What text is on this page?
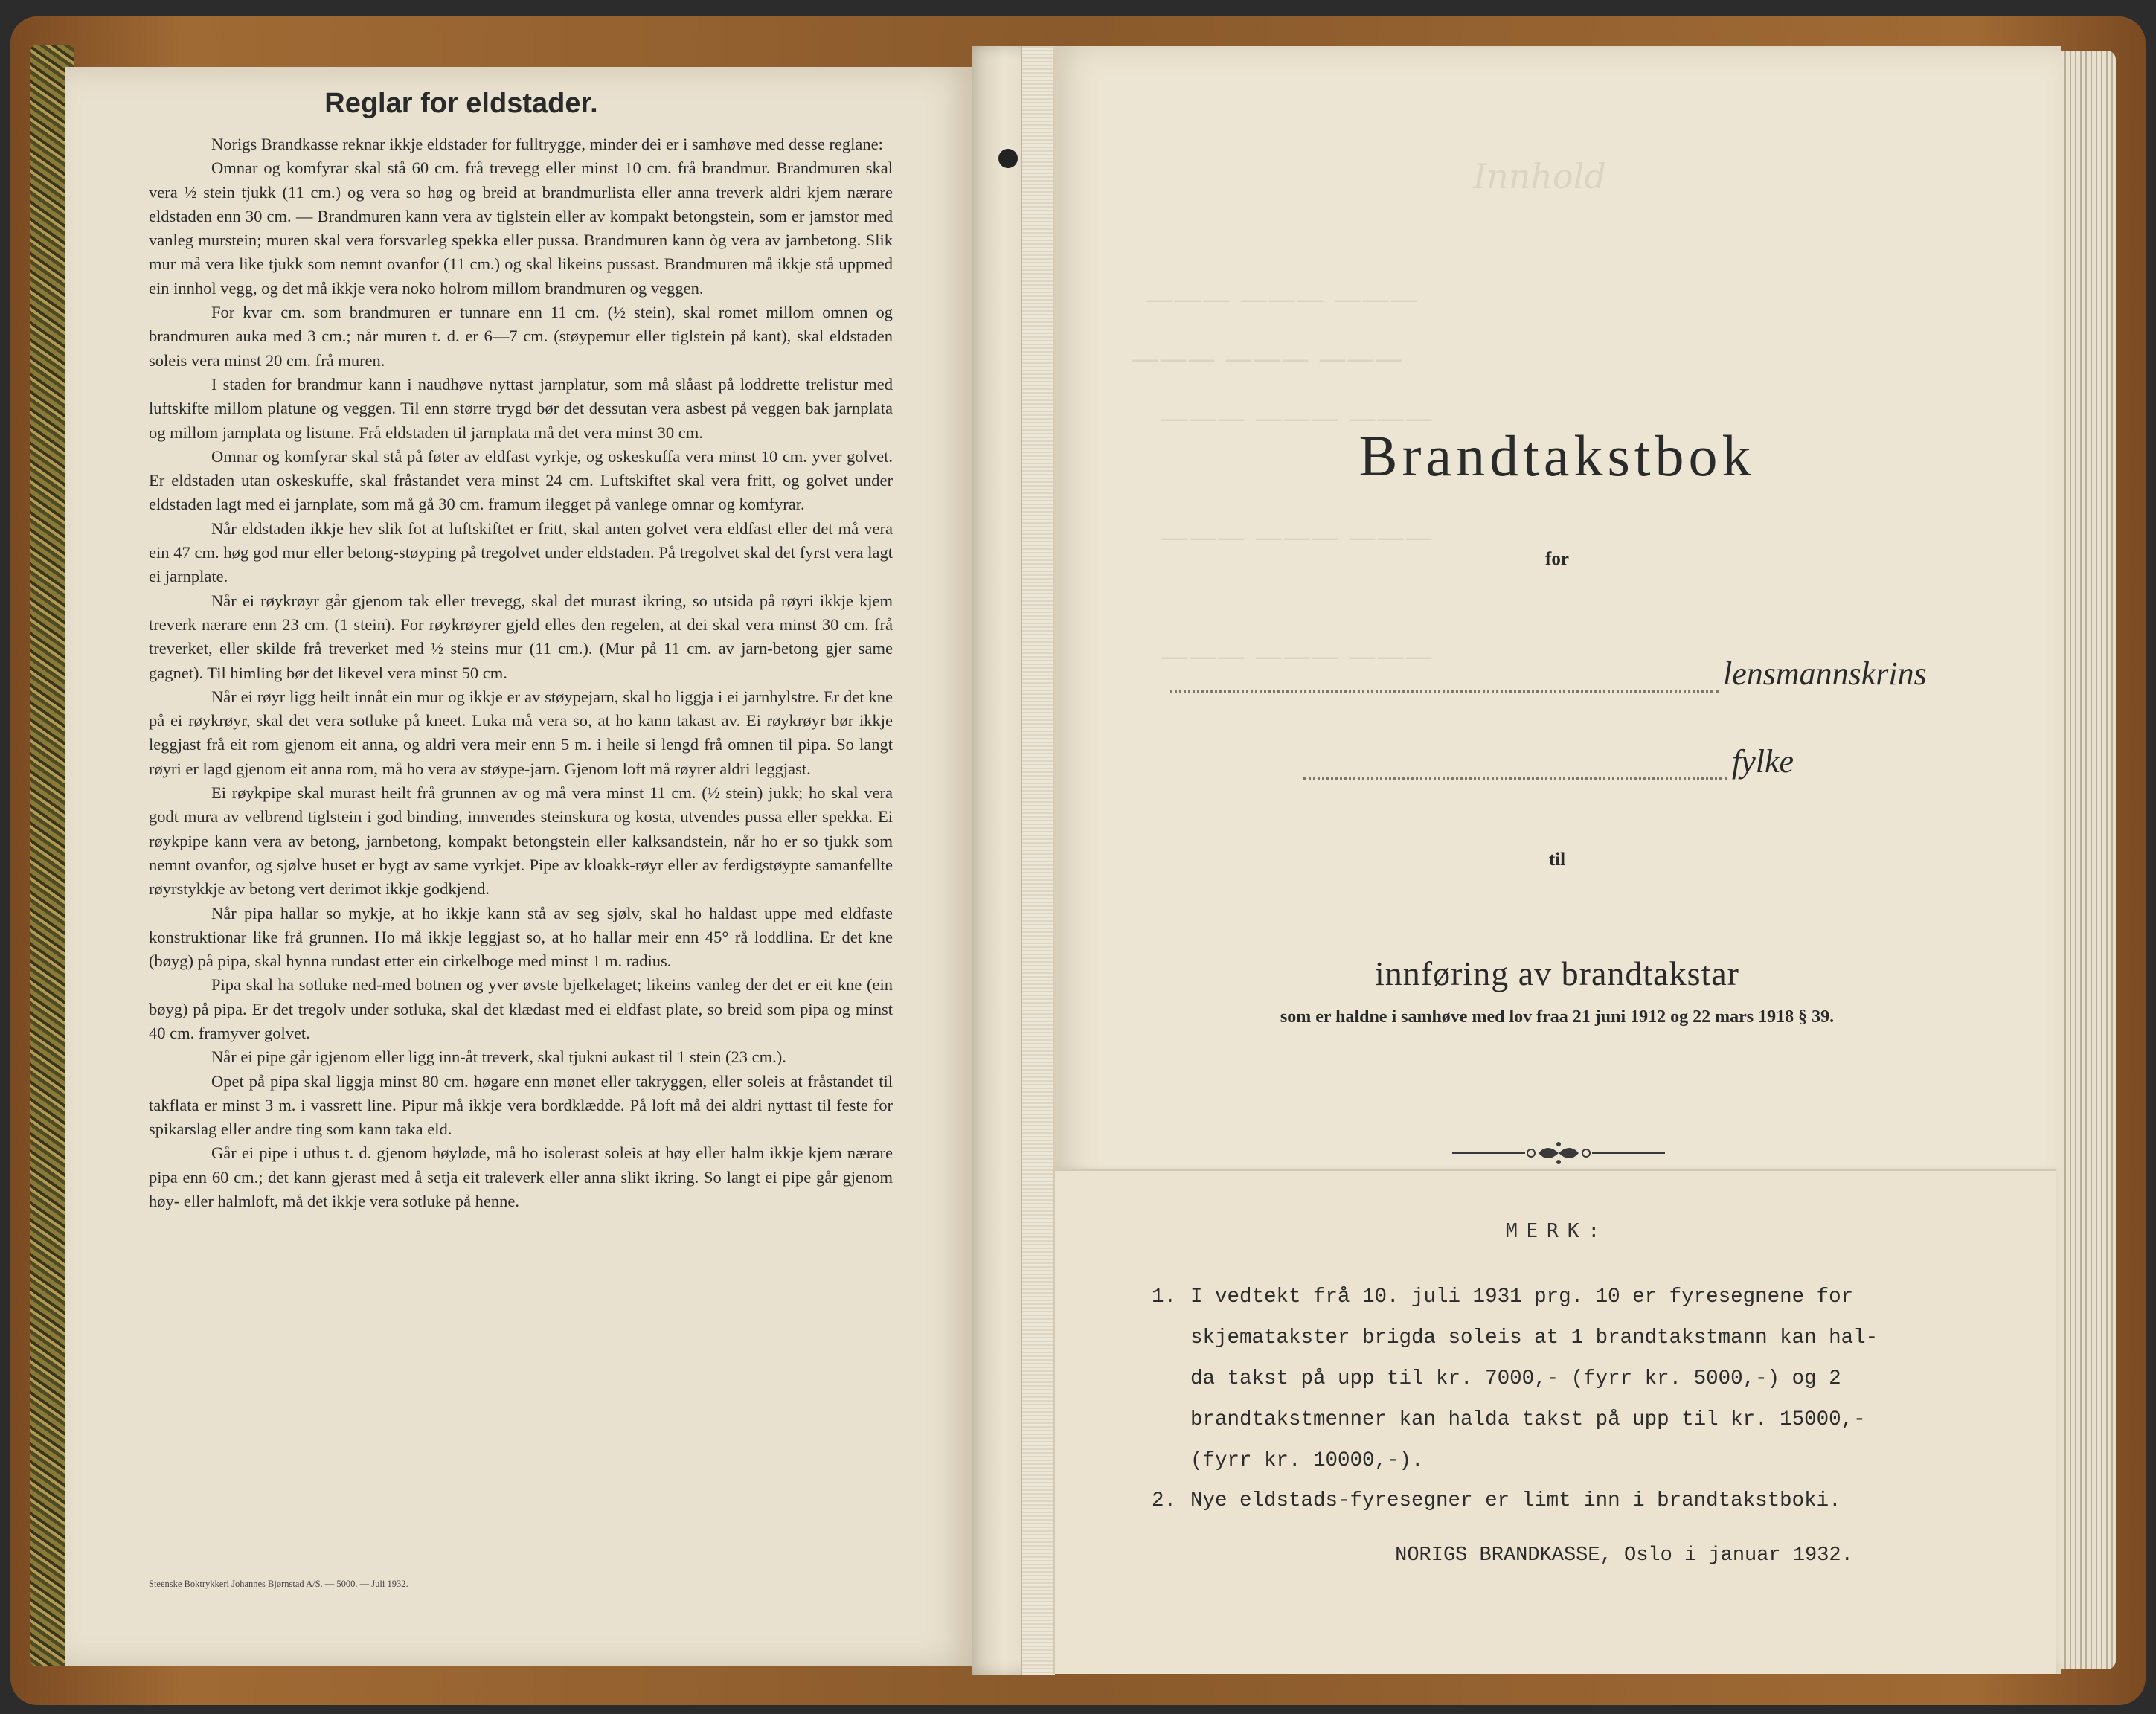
Reglar for eldstader.

Norigs Brandkasse reknar ikkje eldstader for fulltrygge, minder dei er i samhøve med desse reglane:

Omnar og komfyrar skal stå 60 cm. frå trevegg eller minst 10 cm. frå brandmur. Brandmuren skal vera ½ stein tjukk (11 cm.) og vera so høg og breid at brandmurlista eller anna treverk aldri kjem nærare eldstaden enn 30 cm. — Brandmuren kann vera av tiglstein eller av kompakt betongstein, som er jamstor med vanleg murstein; muren skal vera forsvarleg spekka eller pussa. Brandmuren kann òg vera av jarnbetong. Slik mur må vera like tjukk som nemnt ovanfor (11 cm.) og skal likeins pussast. Brandmuren må ikkje stå uppmed ein innhol vegg, og det må ikkje vera noko holrom millom brandmuren og veggen.

For kvar cm. som brandmuren er tunnare enn 11 cm. (½ stein), skal romet millom omnen og brandmuren auka med 3 cm.; når muren t. d. er 6—7 cm. (støypemur eller tiglstein på kant), skal eldstaden soleis vera minst 20 cm. frå muren.

I staden for brandmur kann i naudhøve nyttast jarnplatur, som må slåast på loddrette trelistur med luftskifte millom platune og veggen. Til enn større trygd bør det dessutan vera asbest på veggen bak jarnplata og millom jarnplata og listune. Frå eldstaden til jarnplata må det vera minst 30 cm.

Omnar og komfyrar skal stå på føter av eldfast vyrkje, og oskeskuffa vera minst 10 cm. yver golvet. Er eldstaden utan oskeskuffe, skal fråstandet vera minst 24 cm. Luftskiftet skal vera fritt, og golvet under eldstaden lagt med ei jarnplate, som må gå 30 cm. framum ilegget på vanlege omnar og komfyrar.

Når eldstaden ikkje hev slik fot at luftskiftet er fritt, skal anten golvet vera eldfast eller det må vera ein 47 cm. høg god mur eller betong-støyping på tregolvet under eldstaden. På tregolvet skal det fyrst vera lagt ei jarnplate.

Når ei røykrøyr går gjenom tak eller trevegg, skal det murast ikring, so utsida på røyri ikkje kjem treverk nærare enn 23 cm. (1 stein). For røykrøyrer gjeld elles den regelen, at dei skal vera minst 30 cm. frå treverket, eller skilde frå treverket med ½ steins mur (11 cm.). (Mur på 11 cm. av jarn-betong gjer same gagnet). Til himling bør det likevel vera minst 50 cm.

Når ei røyr ligg heilt innåt ein mur og ikkje er av støypejarn, skal ho liggja i ei jarnhylstre. Er det kne på ei røykrøyr, skal det vera sotluke på kneet. Luka må vera so, at ho kann takast av. Ei røykrøyr bør ikkje leggjast frå eit rom gjenom eit anna, og aldri vera meir enn 5 m. i heile si lengd frå omnen til pipa. So langt røyri er lagd gjenom eit anna rom, må ho vera av støype-jarn. Gjenom loft må røyrer aldri leggjast.

Ei røykpipe skal murast heilt frå grunnen av og må vera minst 11 cm. (½ stein) jukk; ho skal vera godt mura av velbrend tiglstein i god binding, innvendes steinskura og kosta, utvendes pussa eller spekka. Ei røykpipe kann vera av betong, jarnbetong, kompakt betongstein eller kalksandstein, når ho er so tjukk som nemnt ovanfor, og sjølve huset er bygt av same vyrkjet. Pipe av kloakk-røyr eller av ferdigstøypte samanfellte røyrstykkje av betong vert derimot ikkje godkjend.

Når pipa hallar so mykje, at ho ikkje kann stå av seg sjølv, skal ho haldast uppe med eldfaste konstruktionar like frå grunnen. Ho må ikkje leggjast so, at ho hallar meir enn 45° rå loddlina. Er det kne (bøyg) på pipa, skal hynna rundast etter ein cirkelboge med minst 1 m. radius.

Pipa skal ha sotluke ned-med botnen og yver øvste bjelkelaget; likeins vanleg der det er eit kne (ein bøyg) på pipa. Er det tregolv under sotluka, skal det klædast med ei eldfast plate, so breid som pipa og minst 40 cm. framyver golvet.

Når ei pipe går igjenom eller ligg inn-åt treverk, skal tjukni aukast til 1 stein (23 cm.).

Opet på pipa skal liggja minst 80 cm. høgare enn mønet eller takryggen, eller soleis at fråstandet til takflata er minst 3 m. i vassrett line. Pipur må ikkje vera bordklædde. På loft må dei aldri nyttast til feste for spikarslag eller andre ting som kann taka eld.

Går ei pipe i uthus t. d. gjenom høyløde, må ho isolerast soleis at høy eller halm ikkje kjem nærare pipa enn 60 cm.; det kann gjerast med å setja eit traleverk eller anna slikt ikring. So langt ei pipe går gjenom høy- eller halmloft, må det ikkje vera sotluke på henne.

Steenske Boktrykkeri Johannes Bjørnstad A/S. — 5000. — Juli 1932.
Innhold
——— ——— ———
——— ——— ———
——— ——— ———
——— ——— ———
——— ——— ———
Brandtakstbok
for
lensmannskrins
fylke
til
innføring av brandtakstar
som er haldne i samhøve med lov fraa 21 juni 1912 og 22 mars 1918 § 39.
MERK:
1. I vedtekt frå 10. juli 1931 prg. 10 er fyresegnene for
skjematakster brigda soleis at 1 brandtakstmann kan hal-
da takst på upp til kr. 7000,- (fyrr kr. 5000,-) og 2
brandtakstmenner kan halda takst på upp til kr. 15000,-
(fyrr kr. 10000,-).
2. Nye eldstads-fyresegner er limt inn i brandtakstboki.
NORIGS BRANDKASSE, Oslo i januar 1932.
